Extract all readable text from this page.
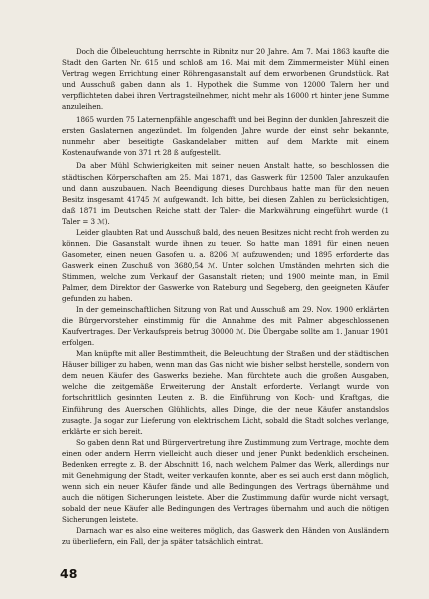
Doch die Ölbeleuchtung herrschte in Ribnitz nur 20 Jahre. Am 7. Mai 1863 kaufte die Stadt den Garten Nr. 615 und schloß am 16. Mai mit dem Zimmermeister Mühl einen Vertrag wegen Errichtung einer Röhrengasanstalt auf dem erworbenen Grundstück. Rat und Ausschuß gaben dann als 1. Hypothek die Summe von 12000 Talern her und verpflichteten dabei ihren Vertragsteilnehmer, nicht mehr als 16000 rt hinter jene Summe anzuleihen.

1865 wurden 75 Laternenpfähle angeschafft und bei Beginn der dunklen Jahreszeit die ersten Gaslaternen angezündet. Im folgenden Jahre wurde der einst sehr bekannte, nunmehr aber beseitigte Gaskandelaber mitten auf dem Markte mit einem Kostenaufwande von 371 rt 28 ß aufgestellt.

Da aber Mühl Schwierigkeiten mit seiner neuen Anstalt hatte, so beschlossen die städtischen Körperschaften am 25. Mai 1871, das Gaswerk für 12500 Taler anzukaufen und dann auszubauen. Nach Beendigung dieses Durchbaus hatte man für den neuen Besitz insgesamt 41745 ℳ aufgewandt. Ich bitte, bei diesen Zahlen zu berücksichtigen, daß 1871 im Deutschen Reiche statt der Taler- die Markwährung eingeführt wurde (1 Taler = 3 ℳ).

Leider glaubten Rat und Ausschuß bald, des neuen Besitzes nicht recht froh werden zu können. Die Gasanstalt wurde ihnen zu teuer. So hatte man 1891 für einen neuen Gasometer, einen neuen Gasofen u. a. 8206 ℳ aufzuwenden; und 1895 erforderte das Gaswerk einen Zuschuß von 3680,54 ℳ. Unter solchen Umständen mehrten sich die Stimmen, welche zum Verkauf der Gasanstalt rieten; und 1900 meinte man, in Emil Palmer, dem Direktor der Gaswerke von Rateburg und Segeberg, den geeigneten Käufer gefunden zu haben.

In der gemeinschaftlichen Sitzung von Rat und Ausschuß am 29. Nov. 1900 erklärten die Bürgervorsteher einstimmig für die Annahme des mit Palmer abgeschlossenen Kaufvertrages. Der Verkaufspreis betrug 30000 ℳ. Die Übergabe sollte am 1. Januar 1901 erfolgen.

Man knüpfte mit aller Bestimmtheit, die Beleuchtung der Straßen und der städtischen Häuser billiger zu haben, wenn man das Gas nicht wie bisher selbst herstelle, sondern von dem neuen Käufer des Gaswerks beziehe. Man fürchtete auch die großen Ausgaben, welche die zeitgemäße Erweiterung der Anstalt erforderte. Verlangt wurde von fortschrittlich gesinnten Leuten z. B. die Einführung von Koch- und Kraftgas, die Einführung des Auerschen Glühlichts, alles Dinge, die der neue Käufer anstandslos zusagte. Ja sogar zur Lieferung von elektrischem Licht, sobald die Stadt solches verlange, erklärte er sich bereit.

So gaben denn Rat und Bürgervertretung ihre Zustimmung zum Vertrage, mochte dem einen oder andern Herrn vielleicht auch dieser und jener Punkt bedenklich erscheinen. Bedenken erregte z. B. der Abschnitt 16, nach welchem Palmer das Werk, allerdings nur mit Genehmigung der Stadt, weiter verkaufen konnte, aber es sei auch erst dann möglich, wenn sich ein neuer Käufer fände und alle Bedingungen des Vertrags übernähme und auch die nötigen Sicherungen leistete. Aber die Zustimmung dafür wurde nicht versagt, sobald der neue Käufer alle Bedingungen des Vertrages übernahm und auch die nötigen Sicherungen leistete.

Darnach war es also eine weiteres möglich, das Gaswerk den Händen von Ausländern zu überliefern, ein Fall, der ja später tatsächlich eintrat.

48
